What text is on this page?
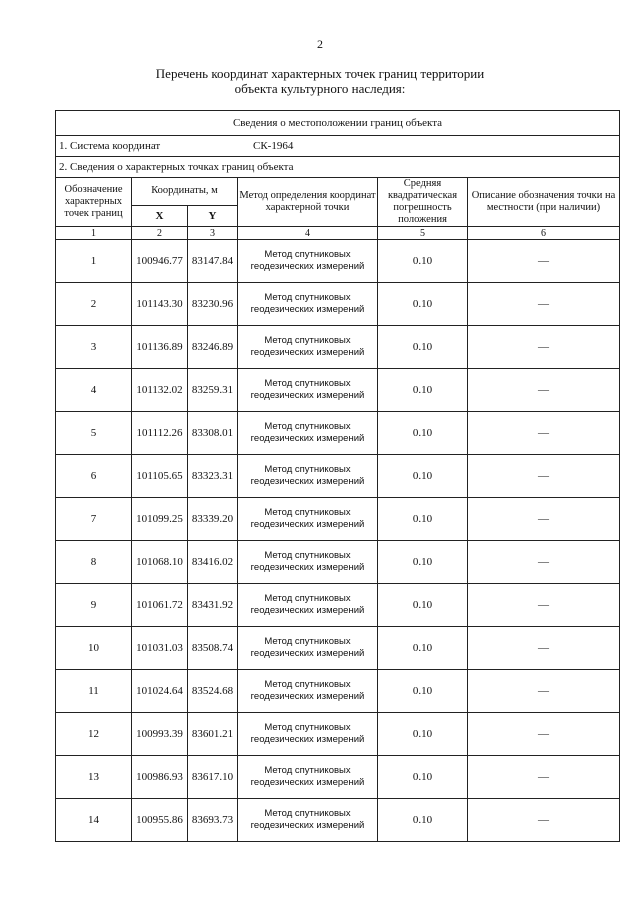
2
Перечень координат характерных точек границ территории
объекта культурного наследия:
Сведения о местоположении границ объекта					
1. Система координат СК-1964					
2. Сведения о характерных точках границ объекта					
Обозначение характерных точек границ	Координаты, м		Метод определения координат характерной точки	Средняя квадратическая погрешность положения	Описание обозначения точки на местности (при наличии)
	X	Y			
1	2	3	4	5	6
1	100946.77	83147.84	Метод спутниковых геодезических измерений	0.10	—
2	101143.30	83230.96	Метод спутниковых геодезических измерений	0.10	—
3	101136.89	83246.89	Метод спутниковых геодезических измерений	0.10	—
4	101132.02	83259.31	Метод спутниковых геодезических измерений	0.10	—
5	101112.26	83308.01	Метод спутниковых геодезических измерений	0.10	—
6	101105.65	83323.31	Метод спутниковых геодезических измерений	0.10	—
7	101099.25	83339.20	Метод спутниковых геодезических измерений	0.10	—
8	101068.10	83416.02	Метод спутниковых геодезических измерений	0.10	—
9	101061.72	83431.92	Метод спутниковых геодезических измерений	0.10	—
10	101031.03	83508.74	Метод спутниковых геодезических измерений	0.10	—
11	101024.64	83524.68	Метод спутниковых геодезических измерений	0.10	—
12	100993.39	83601.21	Метод спутниковых геодезических измерений	0.10	—
13	100986.93	83617.10	Метод спутниковых геодезических измерений	0.10	—
14	100955.86	83693.73	Метод спутниковых геодезических измерений	0.10	—
